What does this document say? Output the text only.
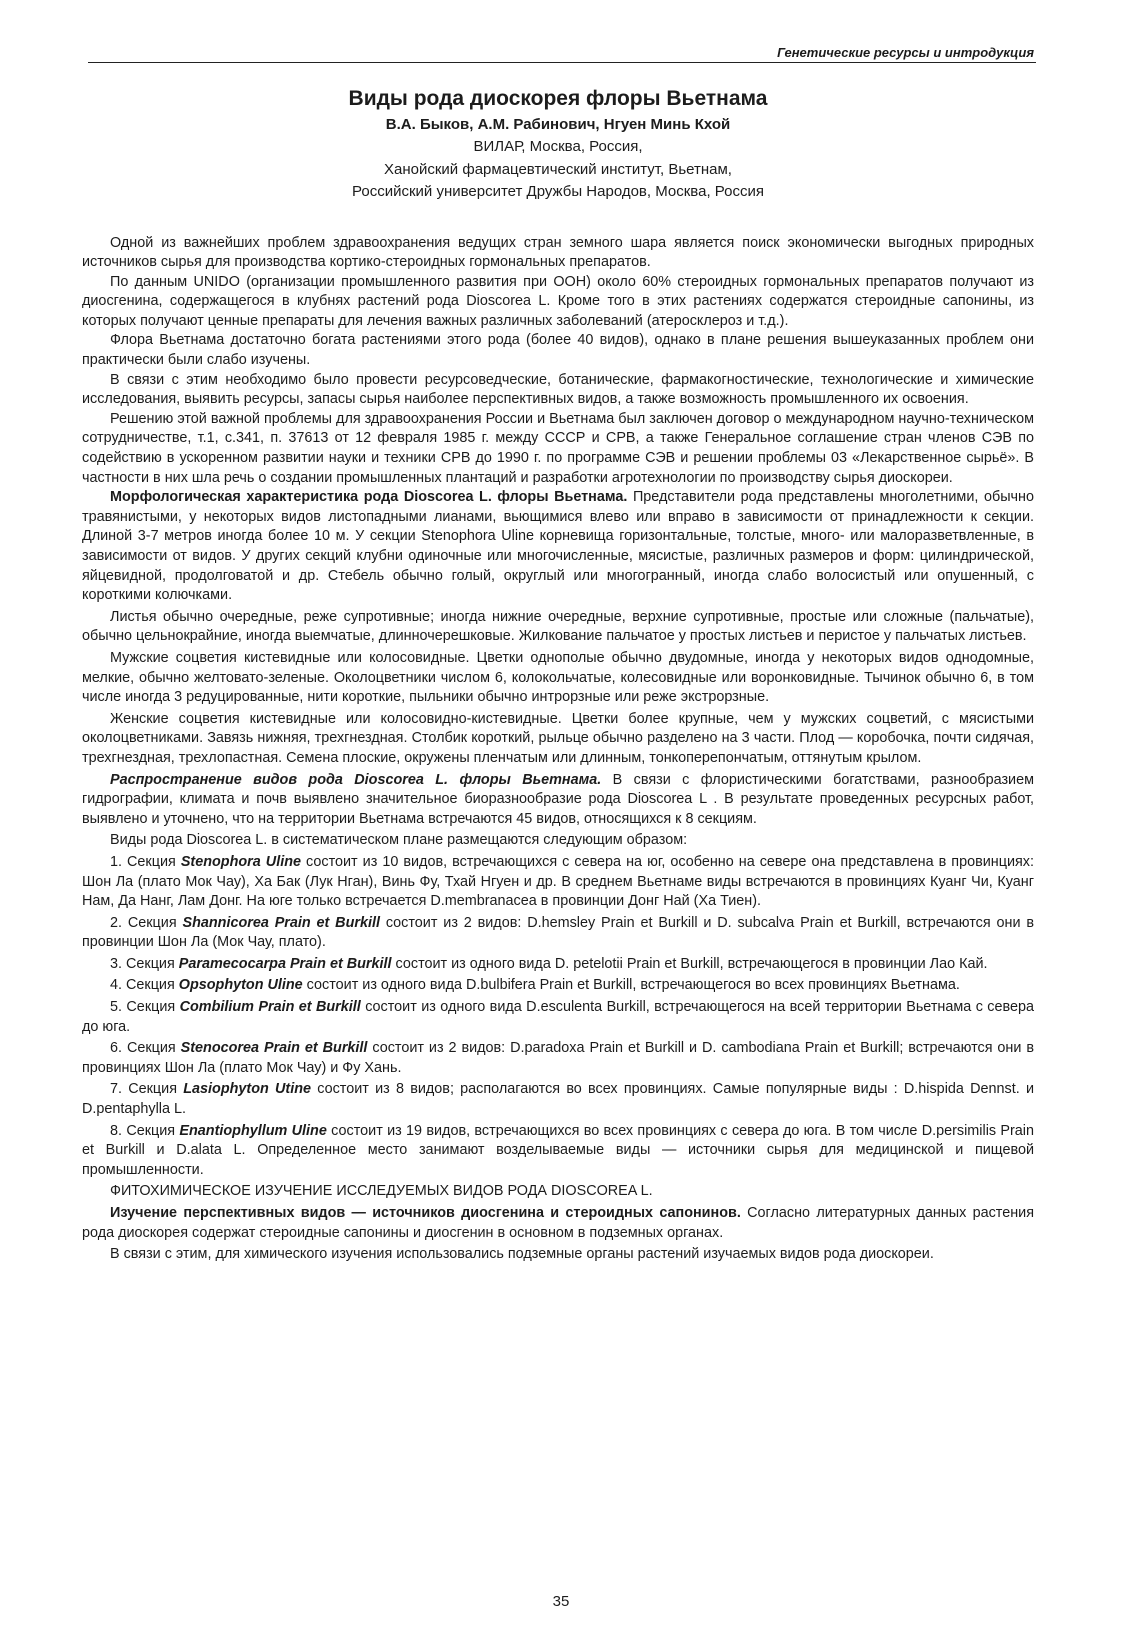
Генетические ресурсы и интродукция
Виды рода диоскорея флоры Вьетнама
В.А. Быков, А.М. Рабинович, Нгуен Минь Кхой
ВИЛАР, Москва, Россия,
Ханойский фармацевтический институт, Вьетнам,
Российский университет Дружбы Народов, Москва, Россия

Одной из важнейших проблем здравоохранения ведущих стран земного шара является поиск экономически выгодных природных источников сырья для производства кортико-стероидных гормональных препаратов.

По данным UNIDO (организации промышленного развития при ООН) около 60% стероидных гормональных препаратов получают из диосгенина, содержащегося в клубнях растений рода Dioscorea L. Кроме того в этих растениях содержатся стероидные сапонины, из которых получают ценные препараты для лечения важных различных заболеваний (атеросклероз и т.д.).

Флора Вьетнама достаточно богата растениями этого рода (более 40 видов), однако в плане решения вышеуказанных проблем они практически были слабо изучены.

В связи с этим необходимо было провести ресурсоведческие, ботанические, фармакогностические, технологические и химические исследования, выявить ресурсы, запасы сырья наиболее перспективных видов, а также возможность промышленного их освоения.

Решению этой важной проблемы для здравоохранения России и Вьетнама был заключен договор о международном научно-техническом сотрудничестве, т.1, с.341, п. 37613 от 12 февраля 1985 г. между СССР и СРВ, а также Генеральное соглашение стран членов СЭВ по содействию в ускоренном развитии науки и техники СРВ до 1990 г. по программе СЭВ и решении проблемы 03 «Лекарственное сырьё». В частности в них шла речь о создании промышленных плантаций и разработки агротехнологии по производству сырья диоскореи.

Морфологическая характеристика рода Dioscorea L. флоры Вьетнама. Представители рода представлены многолетними, обычно травянистыми, у некоторых видов листопадными лианами, вьющимися влево или вправо в зависимости от принадлежности к секции. Длиной 3-7 метров иногда более 10 м. У секции Stenophora Uline корневища горизонтальные, толстые, много- или малоразветвленные, в зависимости от видов. У других секций клубни одиночные или многочисленные, мясистые, различных размеров и форм: цилиндрической, яйцевидной, продолговатой и др. Стебель обычно голый, округлый или многогранный, иногда слабо волосистый или опушенный, с короткими колючками.

Листья обычно очередные, реже супротивные; иногда нижние очередные, верхние супротивные, простые или сложные (пальчатые), обычно цельнокрайние, иногда выемчатые, длинночерешковые. Жилкование пальчатое у простых листьев и перистое у пальчатых листьев.

Мужские соцветия кистевидные или колосовидные. Цветки однополые обычно двудомные, иногда у некоторых видов однодомные, мелкие, обычно желтовато-зеленые. Околоцветники числом 6, колокольчатые, колесовидные или воронковидные. Тычинок обычно 6, в том числе иногда 3 редуцированные, нити короткие, пыльники обычно интрорзные или реже экстрорзные.

Женские соцветия кистевидные или колосовидно-кистевидные. Цветки более крупные, чем у мужских соцветий, с мясистыми околоцветниками. Завязь нижняя, трехгнездная. Столбик короткий, рыльце обычно разделено на 3 части. Плод — коробочка, почти сидячая, трехгнездная, трехлопастная. Семена плоские, окружены пленчатым или длинным, тонкоперепончатым, оттянутым крылом.

Распространение видов рода Dioscorea L. флоры Вьетнама. В связи с флористическими богатствами, разнообразием гидрографии, климата и почв выявлено значительное биоразнообразие рода Dioscorea L . В результате проведенных ресурсных работ, выявлено и уточнено, что на территории Вьетнама встречаются 45 видов, относящихся к 8 секциям.

Виды рода Dioscorea L. в систематическом плане размещаются следующим образом:

1. Секция Stenophora Uline состоит из 10 видов, встречающихся с севера на юг, особенно на севере она представлена в провинциях: Шон Ла (плато Мок Чау), Ха Бак (Лук Нган), Винь Фу, Тхай Нгуен и др. В среднем Вьетнаме виды встречаются в провинциях Куанг Чи, Куанг Нам, Да Нанг, Лам Донг. На юге только встречается D.membranacea в провинции Донг Най (Ха Тиен).

2. Секция Shannicorea Prain et Burkill состоит из 2 видов: D.hemsley Prain et Burkill и D. subcalva Prain et Burkill, встречаются они в провинции Шон Ла (Мок Чау, плато).

3. Секция Paramecocarpa Prain et Burkill состоит из одного вида D. petelotii Prain et Burkill, встречающегося в провинции Лао Кай.

4. Секция Opsophyton Uline состоит из одного вида D.bulbifera Prain et Burkill, встречающегося во всех провинциях Вьетнама.

5. Секция Combilium Prain et Burkill состоит из одного вида D.esculenta Burkill, встречающегося на всей территории Вьетнама с севера до юга.

6. Секция Stenocorea Prain et Burkill состоит из 2 видов: D.paradoxa Prain et Burkill и D. cambodiana Prain et Burkill; встречаются они в провинциях Шон Ла (плато Мок Чау) и Фу Хань.

7. Секция Lasiophyton Utine состоит из 8 видов; располагаются во всех провинциях. Самые популярные виды : D.hispida Dennst. и D.pentaphylla L.

8. Секция Enantiophyllum Uline состоит из 19 видов, встречающихся во всех провинциях с севера до юга. В том числе D.persimilis Prain et Burkill и D.alata L. Определенное место занимают возделываемые виды — источники сырья для медицинской и пищевой промышленности.

ФИТОХИМИЧЕСКОЕ ИЗУЧЕНИЕ ИССЛЕДУЕМЫХ ВИДОВ РОДА DIOSCOREA L.

Изучение перспективных видов — источников диосгенина и стероидных сапонинов. Согласно литературных данных растения рода диоскорея содержат стероидные сапонины и диосгенин в основном в подземных органах.

В связи с этим, для химического изучения использовались подземные органы растений изучаемых видов рода диоскореи.

35
